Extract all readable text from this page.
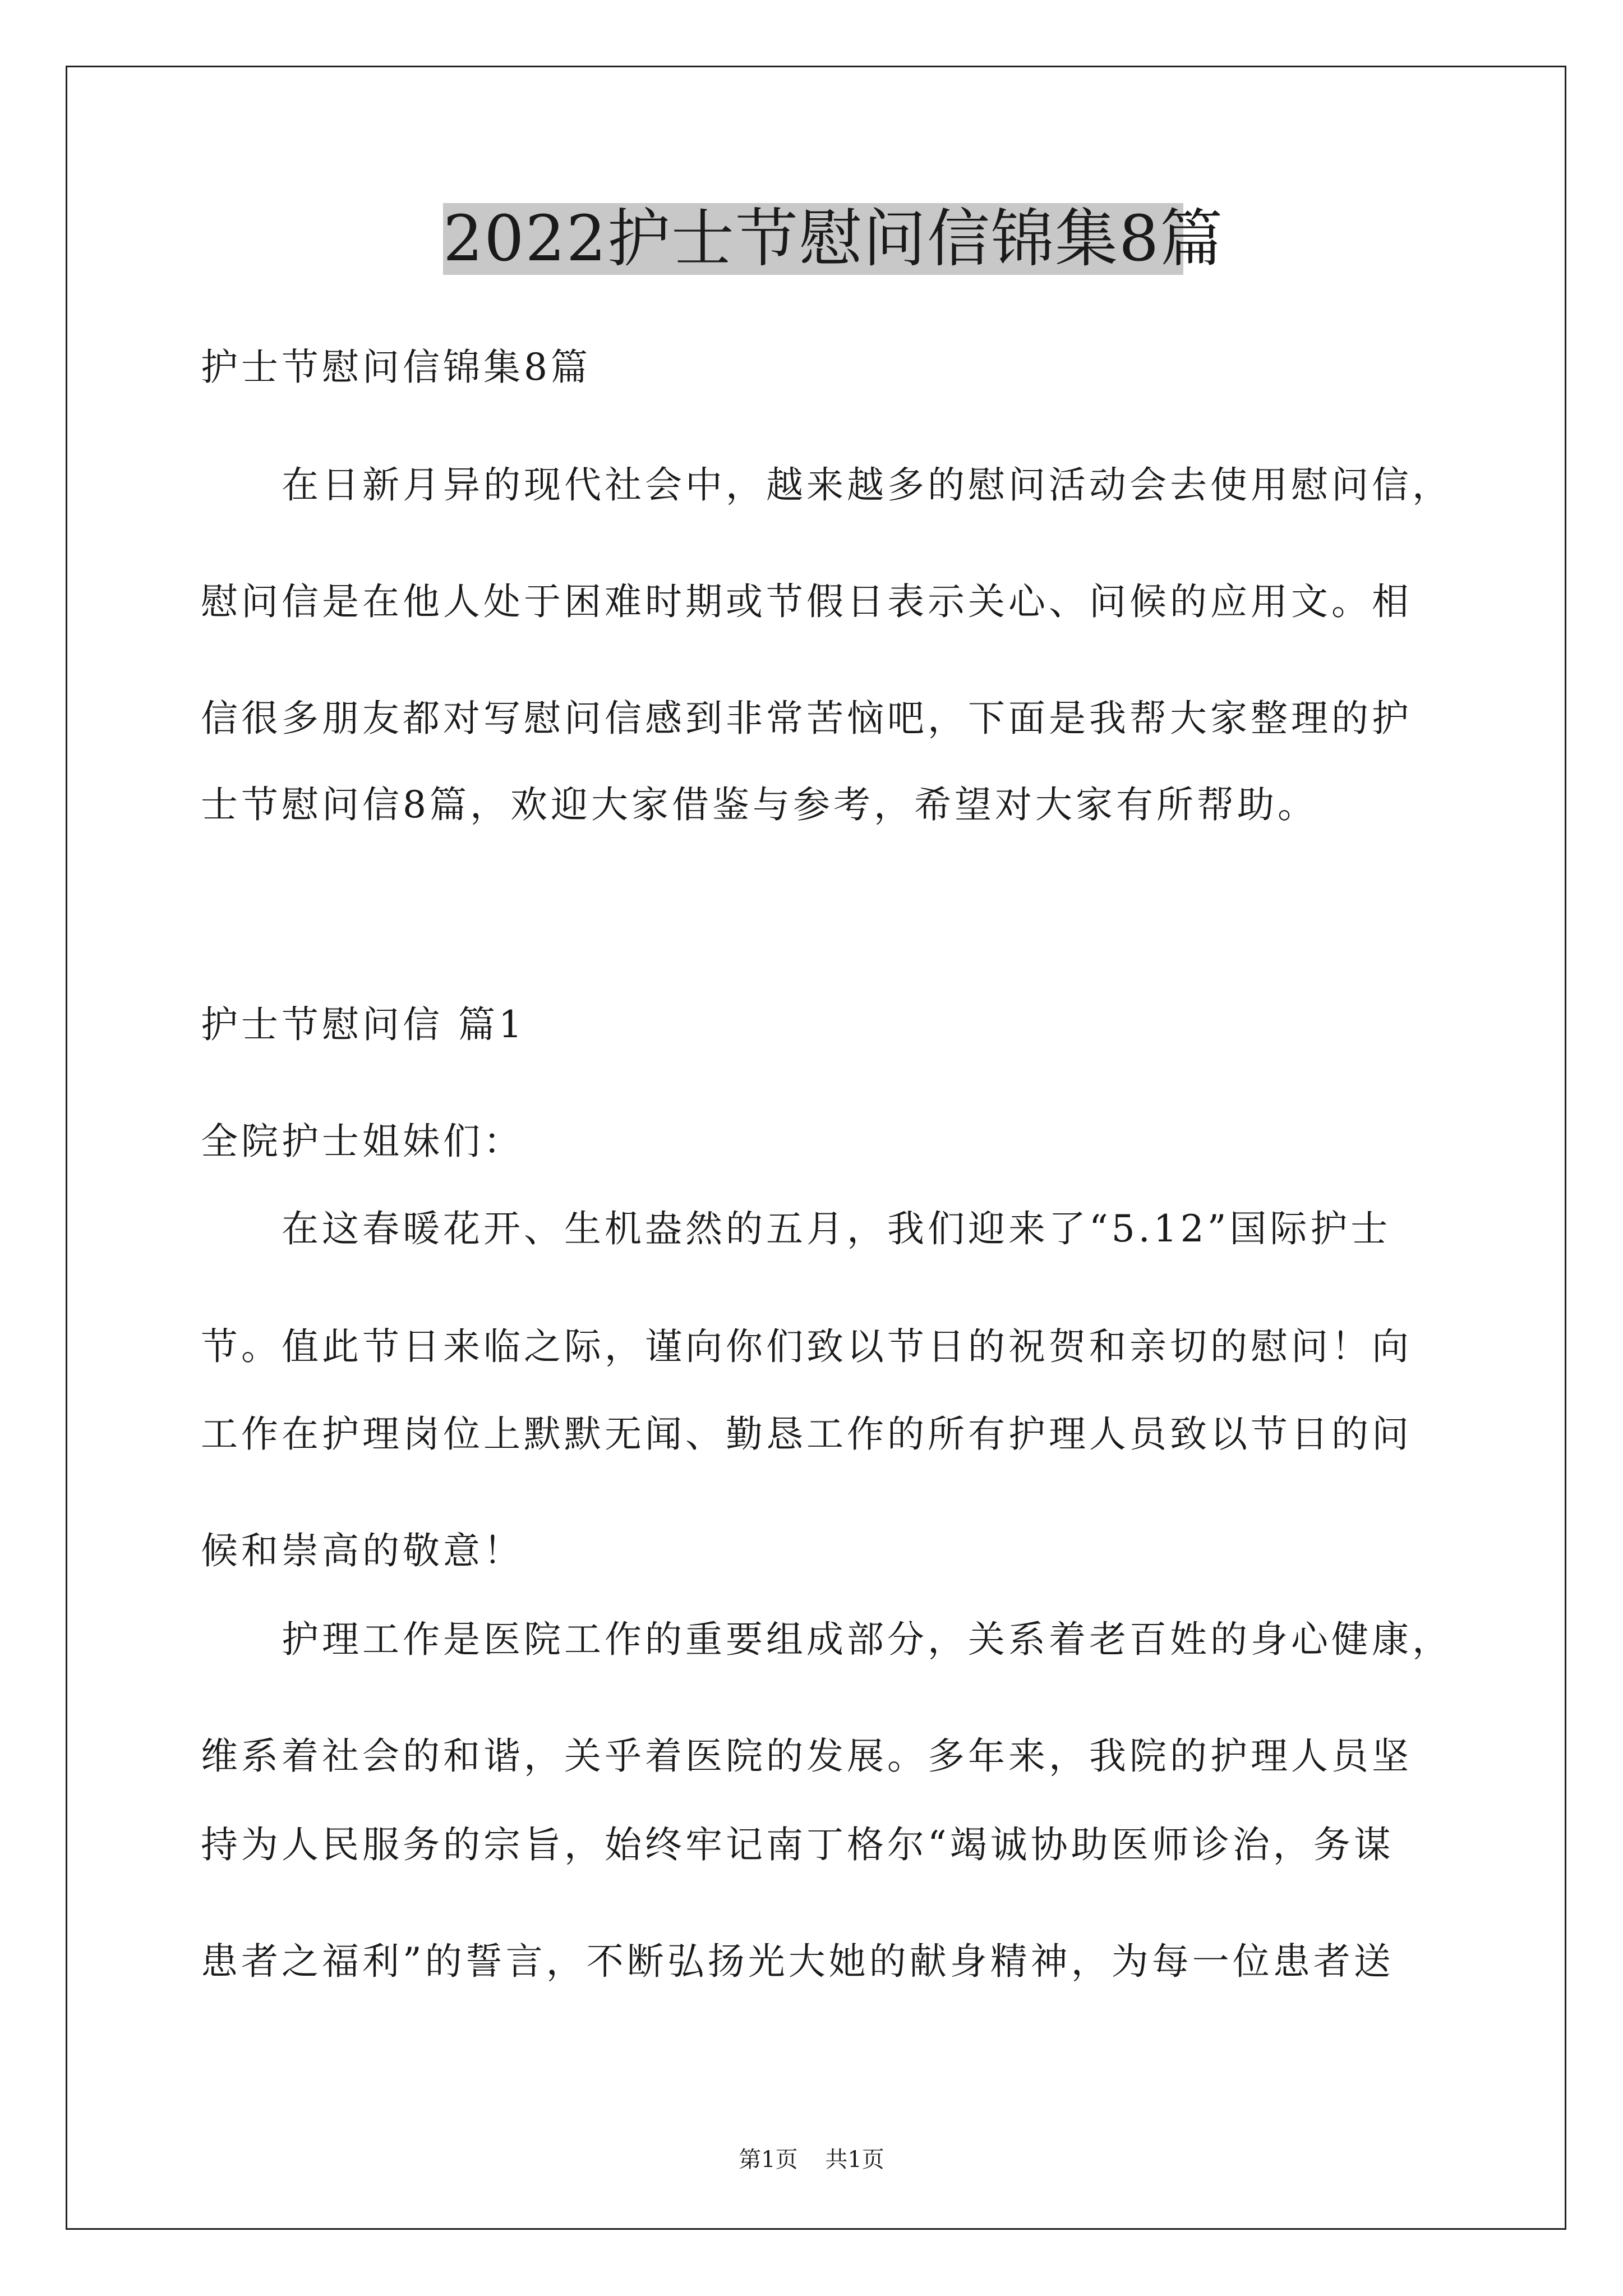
2022护士节慰问信锦集8篇
护士节慰问信锦集8篇
　　在日新月异的现代社会中，越来越多的慰问活动会去使用慰问信，
慰问信是在他人处于困难时期或节假日表示关心、问候的应用文。相
信很多朋友都对写慰问信感到非常苦恼吧，下面是我帮大家整理的护
士节慰问信8篇，欢迎大家借鉴与参考，希望对大家有所帮助。
护士节慰问信 篇1
全院护士姐妹们：
　　在这春暖花开、生机盎然的五月，我们迎来了“5.12”国际护士
节。值此节日来临之际，谨向你们致以节日的祝贺和亲切的慰问！向
工作在护理岗位上默默无闻、勤恳工作的所有护理人员致以节日的问
候和崇高的敬意！
　　护理工作是医院工作的重要组成部分，关系着老百姓的身心健康，
维系着社会的和谐，关乎着医院的发展。多年来，我院的护理人员坚
持为人民服务的宗旨，始终牢记南丁格尔“竭诚协助医师诊治，务谋
患者之福利”的誓言，不断弘扬光大她的献身精神，为每一位患者送
第1页 共1页
